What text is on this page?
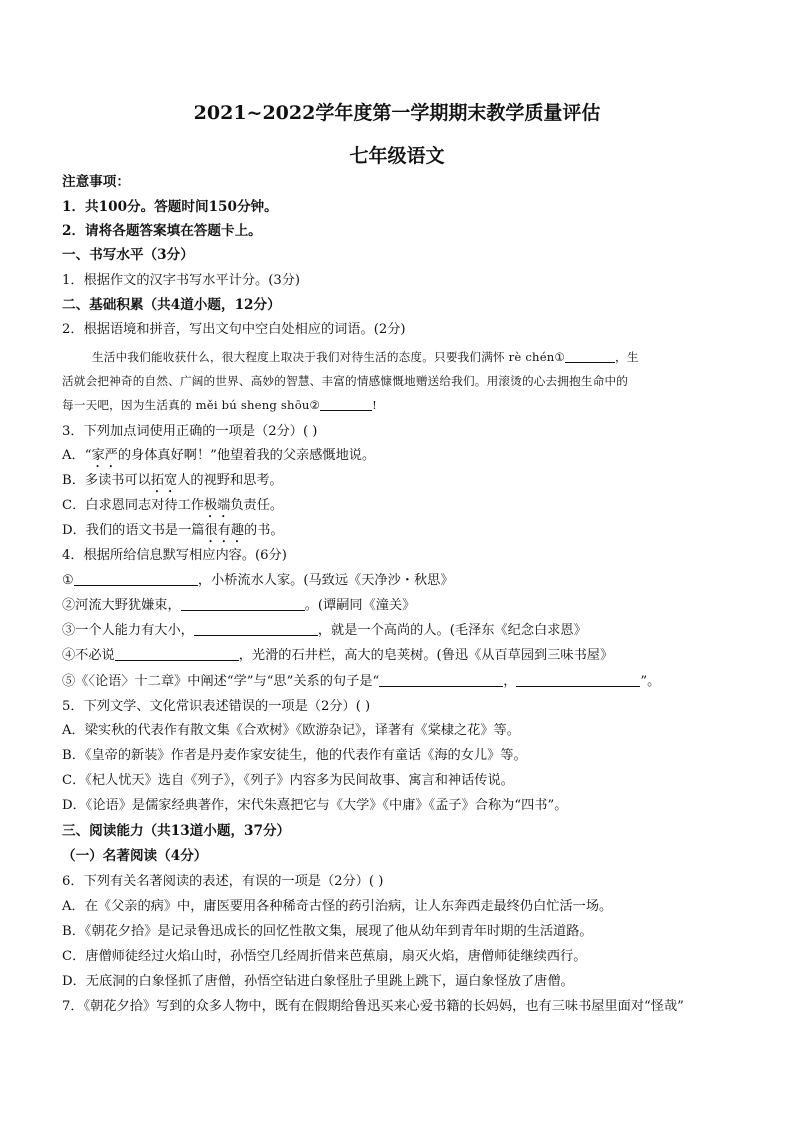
2021~2022学年度第一学期期末教学质量评估
七年级语文
注意事项：
1．共100分。答题时间150分钟。
2．请将各题答案填在答题卡上。
一、书写水平（3分）
1．根据作文的汉字书写水平计分。(3分)
二、基础积累（共4道小题，12分）
2．根据语境和拼音，写出文句中空白处相应的词语。(2分)
生活中我们能收获什么，很大程度上取决于我们对待生活的态度。只要我们满怀 rè chén①	，生
活就会把神奇的自然、广阔的世界、高妙的智慧、丰富的情感慷慨地赠送给我们。用滚烫的心去拥抱生命中的
每一天吧，因为生活真的 měi bú sheng shōu②	!
3．下列加点词使用正确的一项是（2分）( )
A．“家严的身体真好啊！”他望着我的父亲感慨地说。
B．多读书可以拓宽人的视野和思考。
C．白求恩同志对待工作极端负责任。
D．我们的语文书是一篇很有趣的书。
4．根据所给信息默写相应内容。(6分)
①	，小桥流水人家。(马致远《天净沙・秋思》
②河流大野犹嫌束，	。(谭嗣同《潼关》
③一个人能力有大小，	，就是一个高尚的人。(毛泽东《纪念白求恩》
④不必说	，光滑的石井栏，高大的皂荚树。(鲁迅《从百草园到三味书屋》
⑤《〈论语〉十二章》中阐述“学”与“思”关系的句子是“	，	”。
5．下列文学、文化常识表述错误的一项是（2分）( )
A．梁实秋的代表作有散文集《合欢树》《欧游杂记》，译著有《棠棣之花》等。
B．《皇帝的新装》作者是丹麦作家安徒生，他的代表作有童话《海的女儿》等。
C．《杞人忧天》选自《列子》，《列子》内容多为民间故事、寓言和神话传说。
D．《论语》是儒家经典著作，宋代朱熹把它与《大学》《中庸》《孟子》合称为“四书”。
三、阅读能力（共13道小题，37分）
（一）名著阅读（4分）
6．下列有关名著阅读的表述，有误的一项是（2分）( )
A．在《父亲的病》中，庸医要用各种稀奇古怪的药引治病，让人东奔西走最终仍白忙活一场。
B．《朝花夕拾》是记录鲁迅成长的回忆性散文集，展现了他从幼年到青年时期的生活道路。
C．唐僧师徒经过火焰山时，孙悟空几经周折借来芭蕉扇，扇灭火焰，唐僧师徒继续西行。
D．无底洞的白象怪抓了唐僧，孙悟空钻进白象怪肚子里跳上跳下，逼白象怪放了唐僧。
7．《朝花夕拾》写到的众多人物中，既有在假期给鲁迅买来心爱书籍的长妈妈，也有三味书屋里面对“怪哉”
